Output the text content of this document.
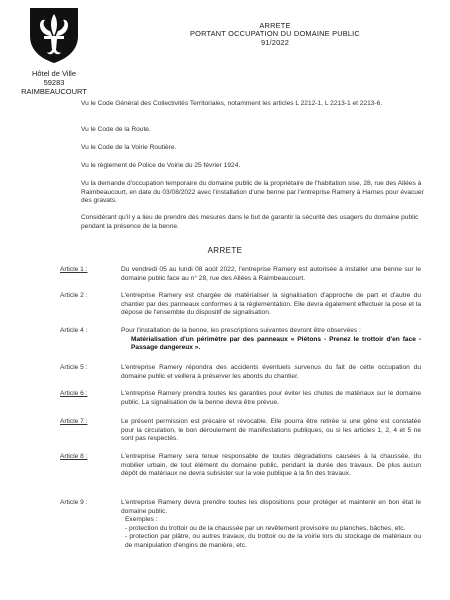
Hôtel de Ville
59283 RAIMBEAUCOURT
ARRETE
PORTANT OCCUPATION DU DOMAINE PUBLIC
91/2022
Vu le Code Général des Collectivités Territoriales, notamment les articles L 2212-1, L 2213-1 et 2213-6.
Vu le Code de la Route.
Vu le Code de la Voirie Routière.
Vu le règlement de Police de Voirie du 25 février 1924.
Vu la demande d'occupation temporaire du domaine public de la propriétaire de l'habitation sise, 28, rue des Allées à Raimbeaucourt, en date du 03/08/2022 avec l'installation d'une benne par l'entreprise Ramery à Harnes pour évacuer des gravats.
Considérant qu'il y a lieu de prendre des mesures dans le but de garantir la sécurité des usagers du domaine public pendant la présence de la benne.
ARRETE
Article 1 :	Du vendredi 05 au lundi 08 août 2022, l'entreprise Ramery est autorisée à installer une benne sur le domaine public face au n° 28, rue des Allées à Raimbeaucourt.
Article 2 :	L'entreprise Ramery est chargée de matérialiser la signalisation d'approche de part et d'autre du chantier par des panneaux conformes à la réglementation. Elle devra également effectuer la pose et la dépose de l'ensemble du dispositif de signalisation.
Article 4 :	Pour l'installation de la benne, les prescriptions suivantes devront être observées :
Matérialisation d'un périmètre par des panneaux « Piétons - Prenez le trottoir d'en face - Passage dangereux ».
Article 5 :	L'entreprise Ramery répondra des accidents éventuels survenus du fait de cette occupation du domaine public et veillera à préserver les abords du chantier.
Article 6 :	L'entreprise Ramery prendra toutes les garanties pour éviter les chutes de matériaux sur le domaine public. La signalisation de la benne devra être prévue.
Article 7 :	Le présent permission est précaire et révocable. Elle pourra être retirée si une gêne est constatée pour la circulation, le bon déroulement de manifestations publiques, ou si les articles 1, 2, 4 et 5 ne sont pas respectés.
Article 8 :	L'entreprise Ramery sera tenue responsable de toutes dégradations causées à la chaussée, du mobilier urbain, de tout élément du domaine public, pendant la durée des travaux. De plus aucun dépôt de matériaux ne devra subsister sur la voie publique à la fin des travaux.
Article 9 :	L'entreprise Ramery devra prendre toutes les dispositions pour protéger et maintenir en bon état le domaine public.
Exemples :
- protection du trottoir ou de la chaussée par un revêtement provisoire ou planches, bâches, etc.
- protection par plâtre, ou autres travaux, du trottoir ou de la voirie lors du stockage de matériaux ou de manipulation d'engins de manière, etc.
